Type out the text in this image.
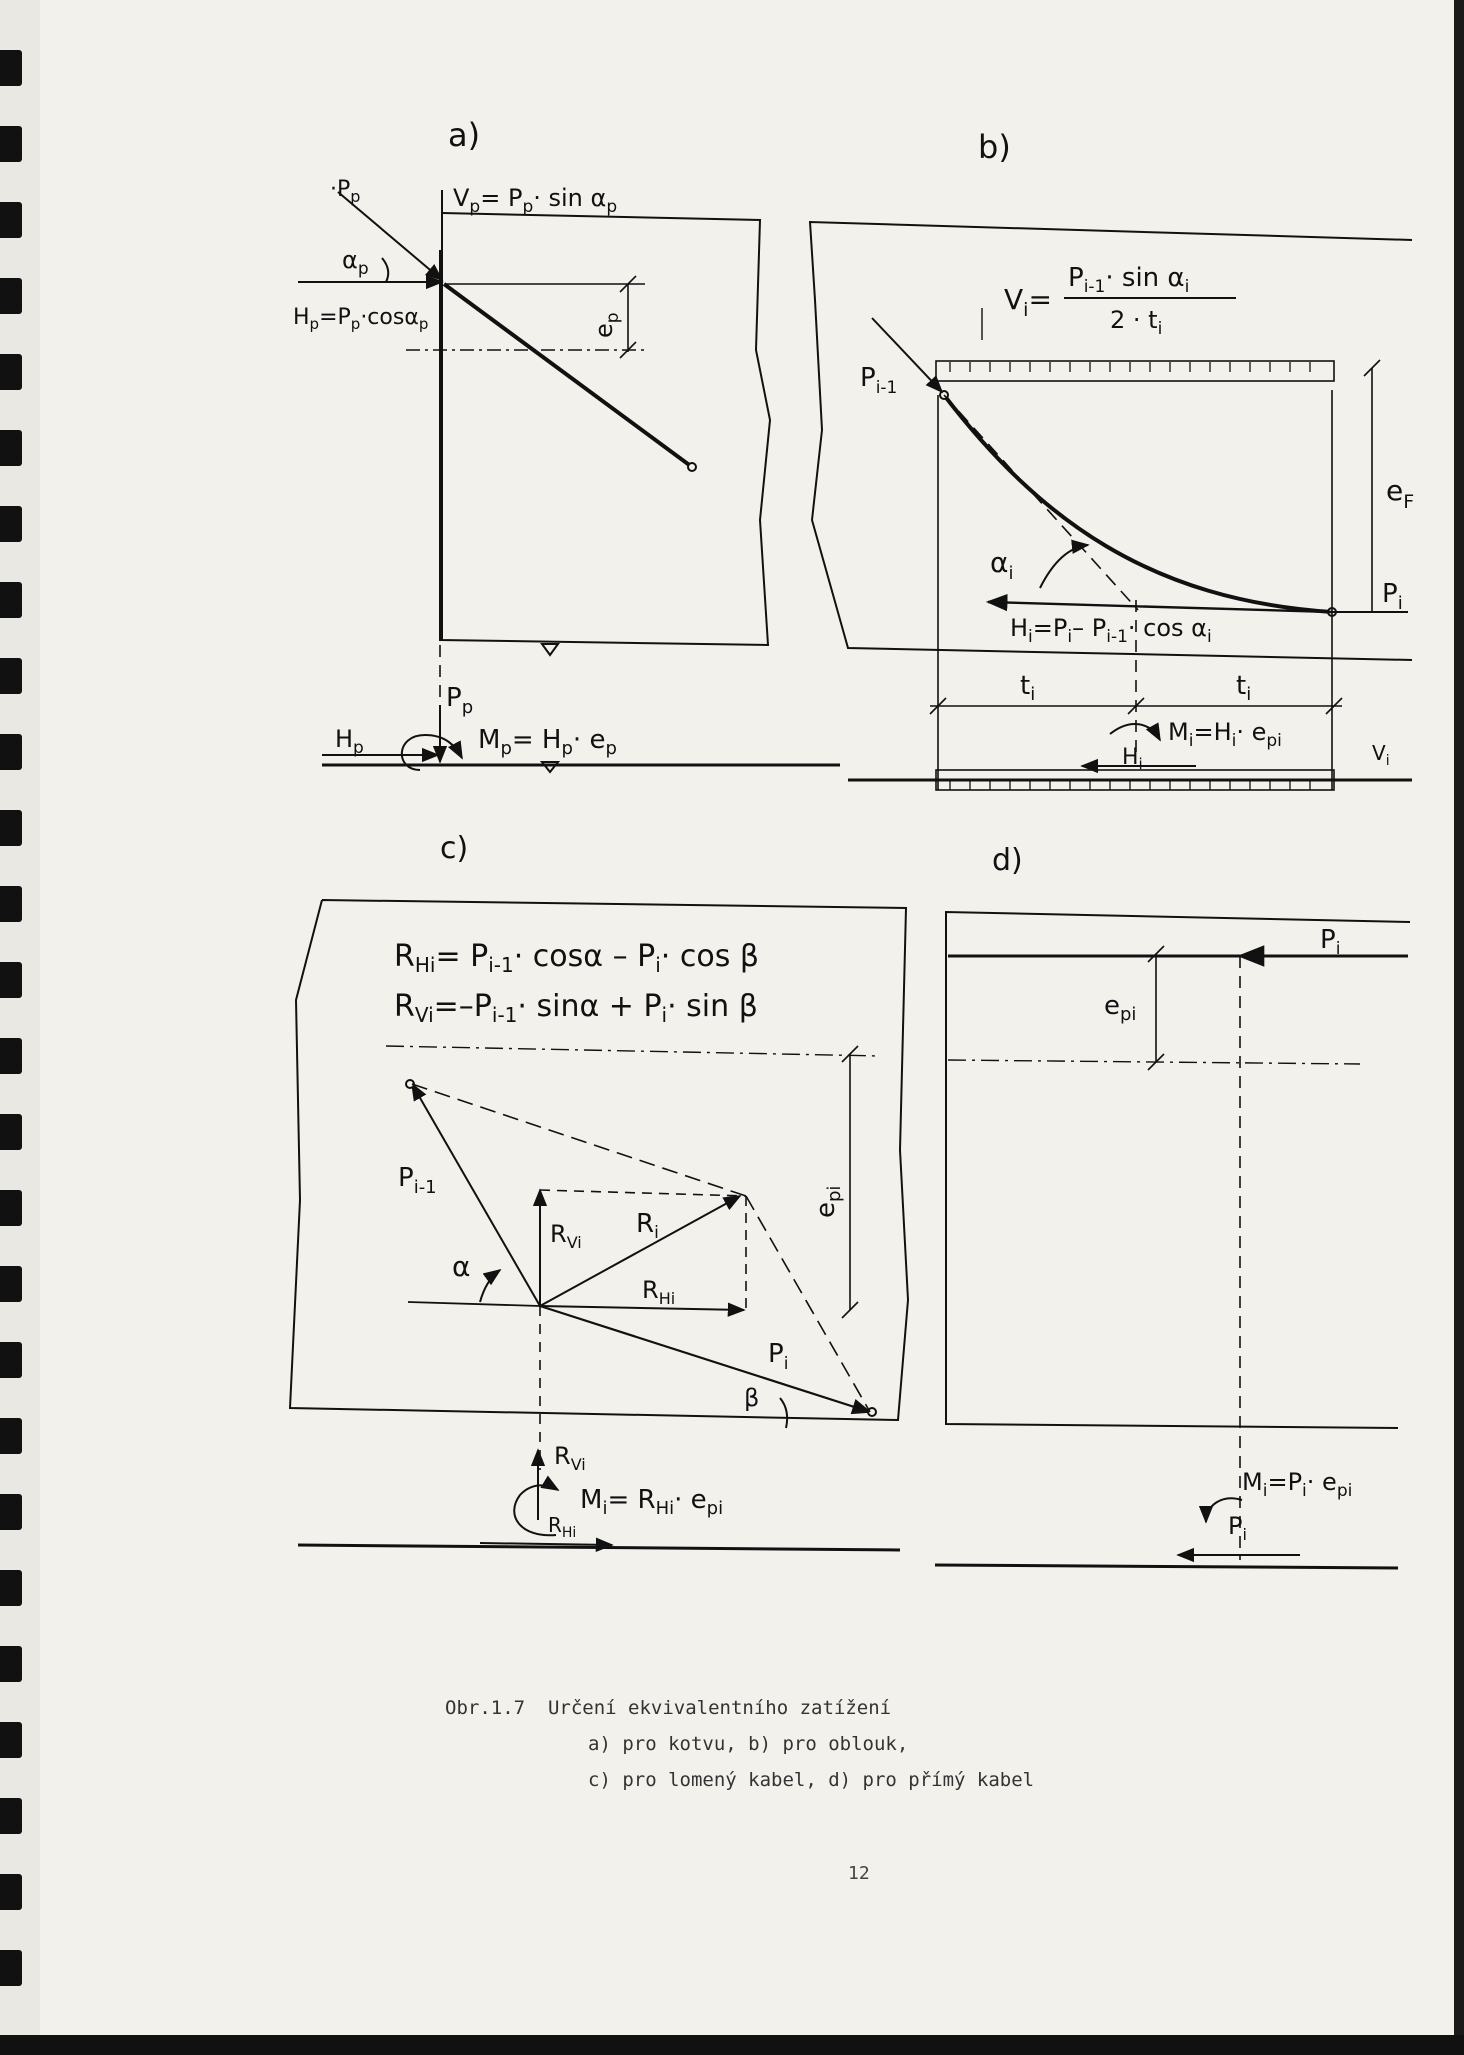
a)
$\cdot P_p$
$\alpha_p$
$V_p= P_p\cdot \sin \alpha_p$
$H_p=P_p\cdot\cos\alpha_p$	$e_p$
$P_p$
$H_p$	$M_p= H_p\cdot e_p$
b)
$V_i=$
$P_{i-1}\cdot \sin \alpha_i$
$2 \cdot t_i$
$P_{i-1}$
$P_i$
$\alpha_i$
$e_F$
$H_i=P_i-$ $P_{i-1}\cdot \cos \alpha_i$
$t_i$	$t_i$
$M_i=H_i\cdot e_{pi}$
$H_i$	$V_i$
c)
$R_{Hi}= P_{i-1}\cdot \cos\alpha - P_i\cdot \cos \beta$
$R_{Vi}=-P_{i-1}\cdot \sin\alpha + P_i\cdot \sin \beta$
$P_{i-1}$
$R_{Vi}$
$R_i$
$R_{Hi}$
$P_i$
α
β
$e_{pi}$
$R_{Vi}$
$M_i= R_{Hi}\cdot e_{pi}$
$R_{Hi}$
d)
$P_i$
$e_{pi}$
$M_i=P_i\cdot e_{pi}$
$P_i$
Obr.1.7  Určení ekvivalentního zatížení
a) pro kotvu, b) pro oblouk,
c) pro lomený kabel, d) pro přímý kabel
12
